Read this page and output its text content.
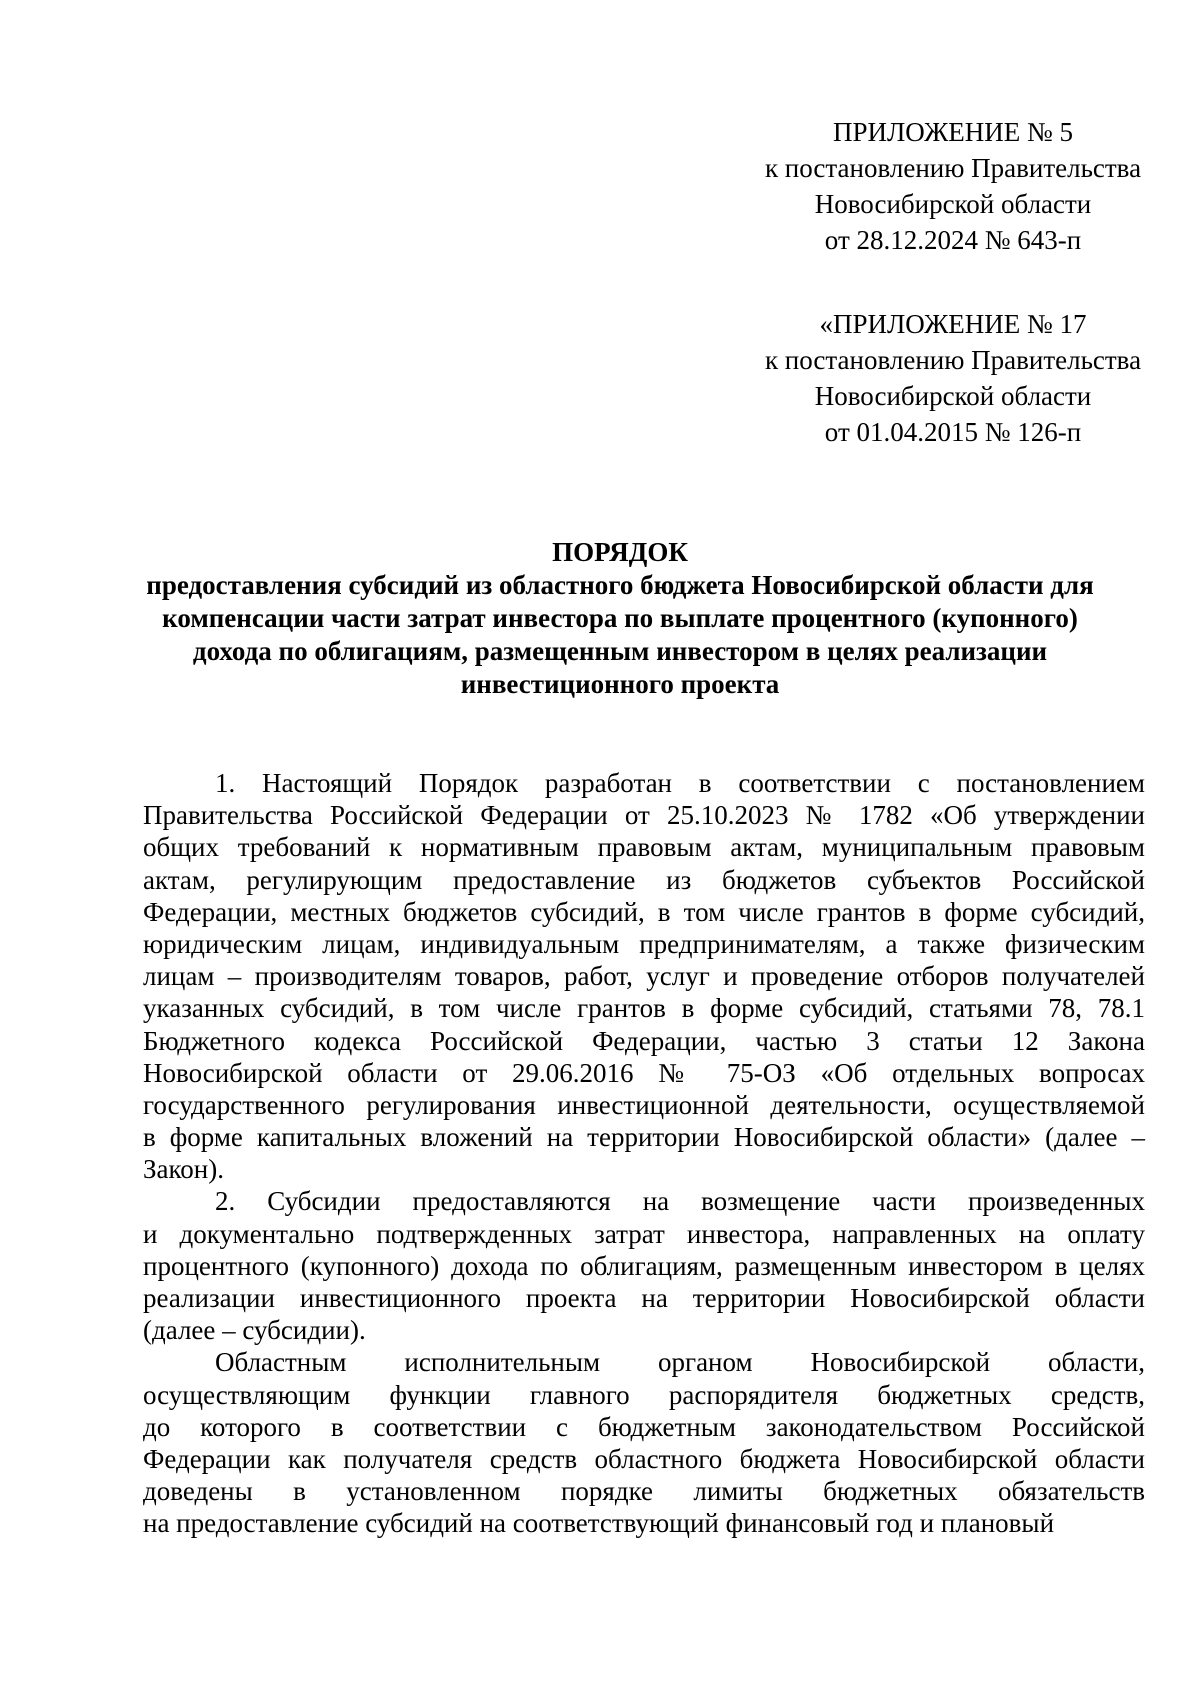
ПРИЛОЖЕНИЕ № 5
к постановлению Правительства
Новосибирской области
от 28.12.2024 № 643-п
«ПРИЛОЖЕНИЕ № 17
к постановлению Правительства
Новосибирской области
от 01.04.2015 № 126-п
ПОРЯДОК
предоставления субсидий из областного бюджета Новосибирской области для
компенсации части затрат инвестора по выплате процентного (купонного)
дохода по облигациям, размещенным инвестором в целях реализации
инвестиционного проекта
1. Настоящий Порядок разработан в соответствии с постановлением
Правительства Российской Федерации от 25.10.2023 № 1782 «Об утверждении
общих требований к нормативным правовым актам, муниципальным правовым
актам, регулирующим предоставление из бюджетов субъектов Российской
Федерации, местных бюджетов субсидий, в том числе грантов в форме субсидий,
юридическим лицам, индивидуальным предпринимателям, а также физическим
лицам – производителям товаров, работ, услуг и проведение отборов получателей
указанных субсидий, в том числе грантов в форме субсидий, статьями 78, 78.1
Бюджетного кодекса Российской Федерации, частью 3 статьи 12 Закона
Новосибирской области от 29.06.2016 № 75-ОЗ «Об отдельных вопросах
государственного регулирования инвестиционной деятельности, осуществляемой
в форме капитальных вложений на территории Новосибирской области» (далее –
Закон).
2. Субсидии предоставляются на возмещение части произведенных
и документально подтвержденных затрат инвестора, направленных на оплату
процентного (купонного) дохода по облигациям, размещенным инвестором в целях
реализации инвестиционного проекта на территории Новосибирской области
(далее – субсидии).
Областным исполнительным органом Новосибирской области,
осуществляющим функции главного распорядителя бюджетных средств,
до которого в соответствии с бюджетным законодательством Российской
Федерации как получателя средств областного бюджета Новосибирской области
доведены в установленном порядке лимиты бюджетных обязательств
на предоставление субсидий на соответствующий финансовый год и плановый
